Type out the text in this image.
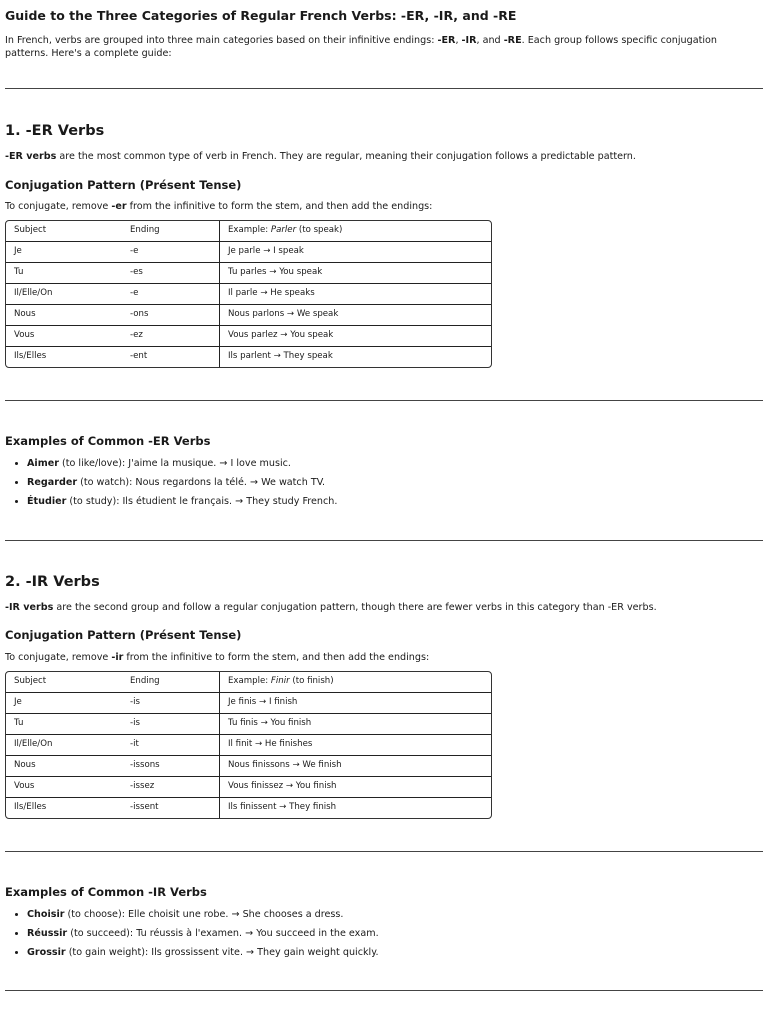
Guide to the Three Categories of Regular French Verbs: -ER, -IR, and -RE
In French, verbs are grouped into three main categories based on their infinitive endings: -ER, -IR, and -RE. Each group follows specific conjugation patterns. Here's a complete guide:
1. -ER Verbs

-ER verbs are the most common type of verb in French. They are regular, meaning their conjugation follows a predictable pattern.

Conjugation Pattern (Présent Tense)

To conjugate, remove -er from the infinitive to form the stem, and then add the endings:

Subject	Ending	Example: Parler (to speak)
Je	-e	Je parle → I speak
Tu	-es	Tu parles → You speak
Il/Elle/On	-e	Il parle → He speaks
Nous	-ons	Nous parlons → We speak
Vous	-ez	Vous parlez → You speak
Ils/Elles	-ent	Ils parlent → They speak
Examples of Common -ER Verbs
• Aimer (to like/love): J'aime la musique. → I love music.
• Regarder (to watch): Nous regardons la télé. → We watch TV.
• Étudier (to study): Ils étudient le français. → They study French.
2. -IR Verbs

-IR verbs are the second group and follow a regular conjugation pattern, though there are fewer verbs in this category than -ER verbs.

Conjugation Pattern (Présent Tense)

To conjugate, remove -ir from the infinitive to form the stem, and then add the endings:

Subject	Ending	Example: Finir (to finish)
Je	-is	Je finis → I finish
Tu	-is	Tu finis → You finish
Il/Elle/On	-it	Il finit → He finishes
Nous	-issons	Nous finissons → We finish
Vous	-issez	Vous finissez → You finish
Ils/Elles	-issent	Ils finissent → They finish
Examples of Common -IR Verbs
• Choisir (to choose): Elle choisit une robe. → She chooses a dress.
• Réussir (to succeed): Tu réussis à l'examen. → You succeed in the exam.
• Grossir (to gain weight): Ils grossissent vite. → They gain weight quickly.
